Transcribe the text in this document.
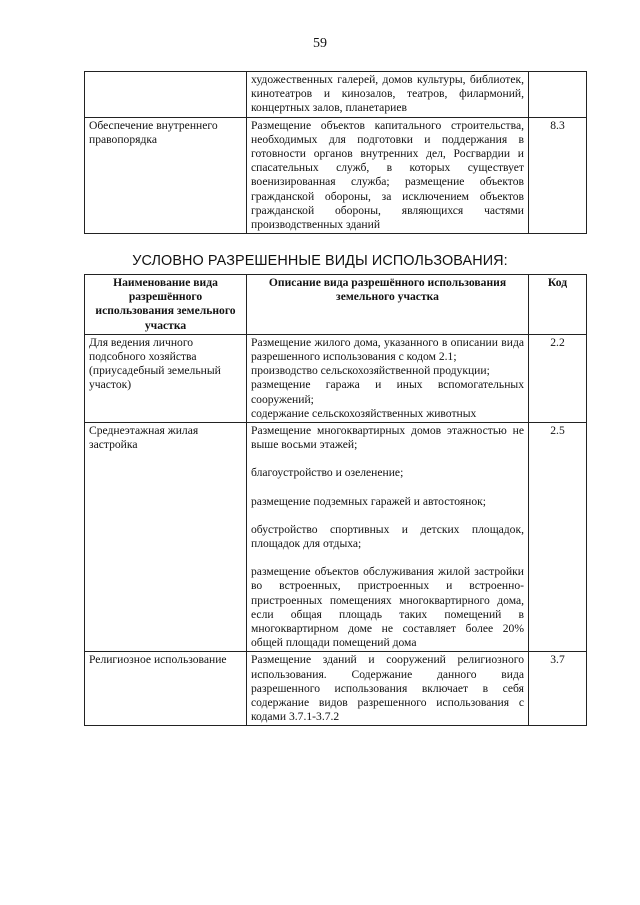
59

	художественных галерей, домов культуры, библиотек, кинотеатров и кинозалов, театров, филармоний, концертных залов, планетариев	

Обеспечение внутреннего правопорядка	Размещение объектов капитального строительства, необходимых для подготовки и поддержания в готовности органов внутренних дел, Росгвардии и спасательных служб, в которых существует военизированная служба; размещение объектов гражданской обороны, за исключением объектов гражданской обороны, являющихся частями производственных зданий	8.3
УСЛОВНО РАЗРЕШЕННЫЕ ВИДЫ ИСПОЛЬЗОВАНИЯ:
Наименование вида разрешённого использования земельного участка	Описание вида разрешённого использования земельного участка	Код
Для ведения личного подсобного хозяйства (приусадебный земельный участок)	Размещение жилого дома, указанного в описании вида разрешенного использования с кодом 2.1;

производство сельскохозяйственной продукции;

размещение гаража и иных вспомогательных сооружений;

содержание сельскохозяйственных животных	2.2
Среднеэтажная жилая застройка	Размещение многоквартирных домов этажностью не выше восьми этажей;

благоустройство и озеленение;

размещение подземных гаражей и автостоянок;

обустройство спортивных и детских площадок, площадок для отдыха;

размещение объектов обслуживания жилой застройки во встроенных, пристроенных и встроенно-пристроенных помещениях многоквартирного дома, если общая площадь таких помещений в многоквартирном доме не составляет более 20% общей площади помещений дома	2.5
Религиозное использование	Размещение зданий и сооружений религиозного использования. Содержание данного вида разрешенного использования включает в себя содержание видов разрешенного использования с кодами 3.7.1-3.7.2	3.7
